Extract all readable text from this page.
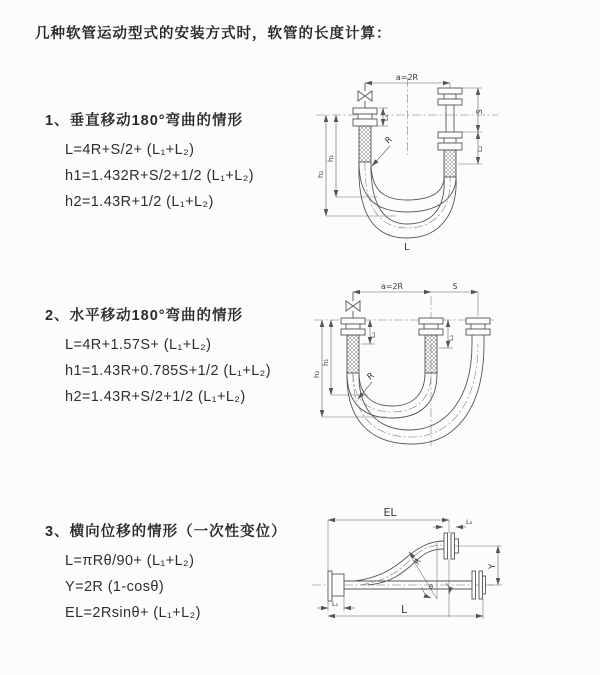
几种软管运动型式的安装方式时，软管的长度计算：
1、垂直移动180°弯曲的情形
L=4R+S/2+ (L₁+L₂)
h1=1.432R+S/2+1/2 (L₁+L₂)
h2=1.43R+1/2 (L₁+L₂)
2、水平移动180°弯曲的情形
L=4R+1.57S+ (L₁+L₂)
h1=1.43R+0.785S+1/2 (L₁+L₂)
h2=1.43R+S/2+1/2 (L₁+L₂)
3、横向位移的情形（一次性变位）
L=πRθ/90+ (L₁+L₂)
Y=2R (1-cosθ)
EL=2Rsinθ+ (L₁+L₂)
a=2R
R
L₁
S
L₂
h₁
h₂
L
a=2R	S
R
L₁	L₂
h₁
h₂
EL
L₂
Y
R
θ
L₁	L
